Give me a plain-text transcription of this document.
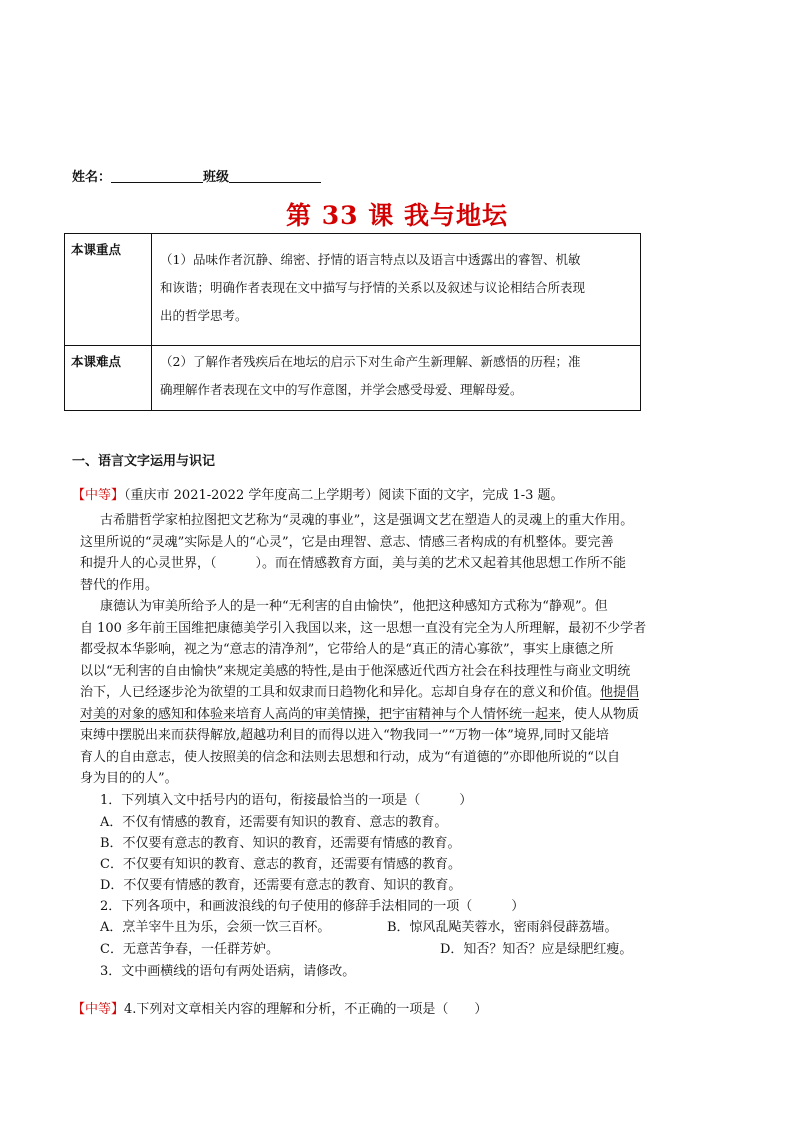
姓名：	班级
第 33 课 我与地坛
本课重点	（1）品味作者沉静、绵密、抒情的语言特点以及语言中透露出的睿智、机敏
和诙谐；明确作者表现在文中描写与抒情的关系以及叙述与议论相结合所表现
出的哲学思考。

本课难点	（2）了解作者残疾后在地坛的启示下对生命产生新理解、新感悟的历程；准
确理解作者表现在文中的写作意图，并学会感受母爱、理解母爱。
一、语言文字运用与识记
【中等】（重庆市 2021-2022 学年度高二上学期考）阅读下面的文字，完成 1-3 题。
古希腊哲学家柏拉图把文艺称为“灵魂的事业”，这是强调文艺在塑造人的灵魂上的重大作用。
这里所说的“灵魂”实际是人的“心灵”，它是由理智、意志、情感三者构成的有机整体。要完善
和提升人的心灵世界，（　　　）。而在情感教育方面，美与美的艺术又起着其他思想工作所不能
替代的作用。
康德认为审美所给予人的是一种“无利害的自由愉快”，他把这种感知方式称为“静观”。但
自 100 多年前王国维把康德美学引入我国以来，这一思想一直没有完全为人所理解，最初不少学者
都受叔本华影响，视之为“意志的清净剂”，它带给人的是“真正的清心寡欲”，事实上康德之所
以以“无利害的自由愉快”来规定美感的特性,是由于他深感近代西方社会在科技理性与商业文明统
治下，人已经逐步沦为欲望的工具和奴隶而日趋物化和异化。忘却自身存在的意义和价值。他提倡
对美的对象的感知和体验来培育人高尚的审美情操，把宇宙精神与个人情怀统一起来，使人从物质
束缚中摆脱出来而获得解放,超越功利目的而得以进入“物我同一”“万物一体”境界,同时又能培
育人的自由意志，使人按照美的信念和法则去思想和行动，成为“有道德的”亦即他所说的“以自
身为目的的人”。
1．下列填入文中括号内的语句，衔接最恰当的一项是（　　　）
A．不仅有情感的教育，还需要有知识的教育、意志的教育。
B．不仅要有意志的教育、知识的教育，还需要有情感的教育。
C．不仅要有知识的教育、意志的教育，还需要有情感的教育。
D．不仅要有情感的教育，还需要有意志的教育、知识的教育。
2．下列各项中，和画波浪线的句子使用的修辞手法相同的一项（　　　）
A．烹羊宰牛且为乐，会须一饮三百杯。	B．惊风乱飐芙蓉水，密雨斜侵薜荔墙。
C．无意苦争春，一任群芳妒。	D．知否？知否？应是绿肥红瘦。
3．文中画横线的语句有两处语病，请修改。
【中等】4.下列对文章相关内容的理解和分析，不正确的一项是（　　）
